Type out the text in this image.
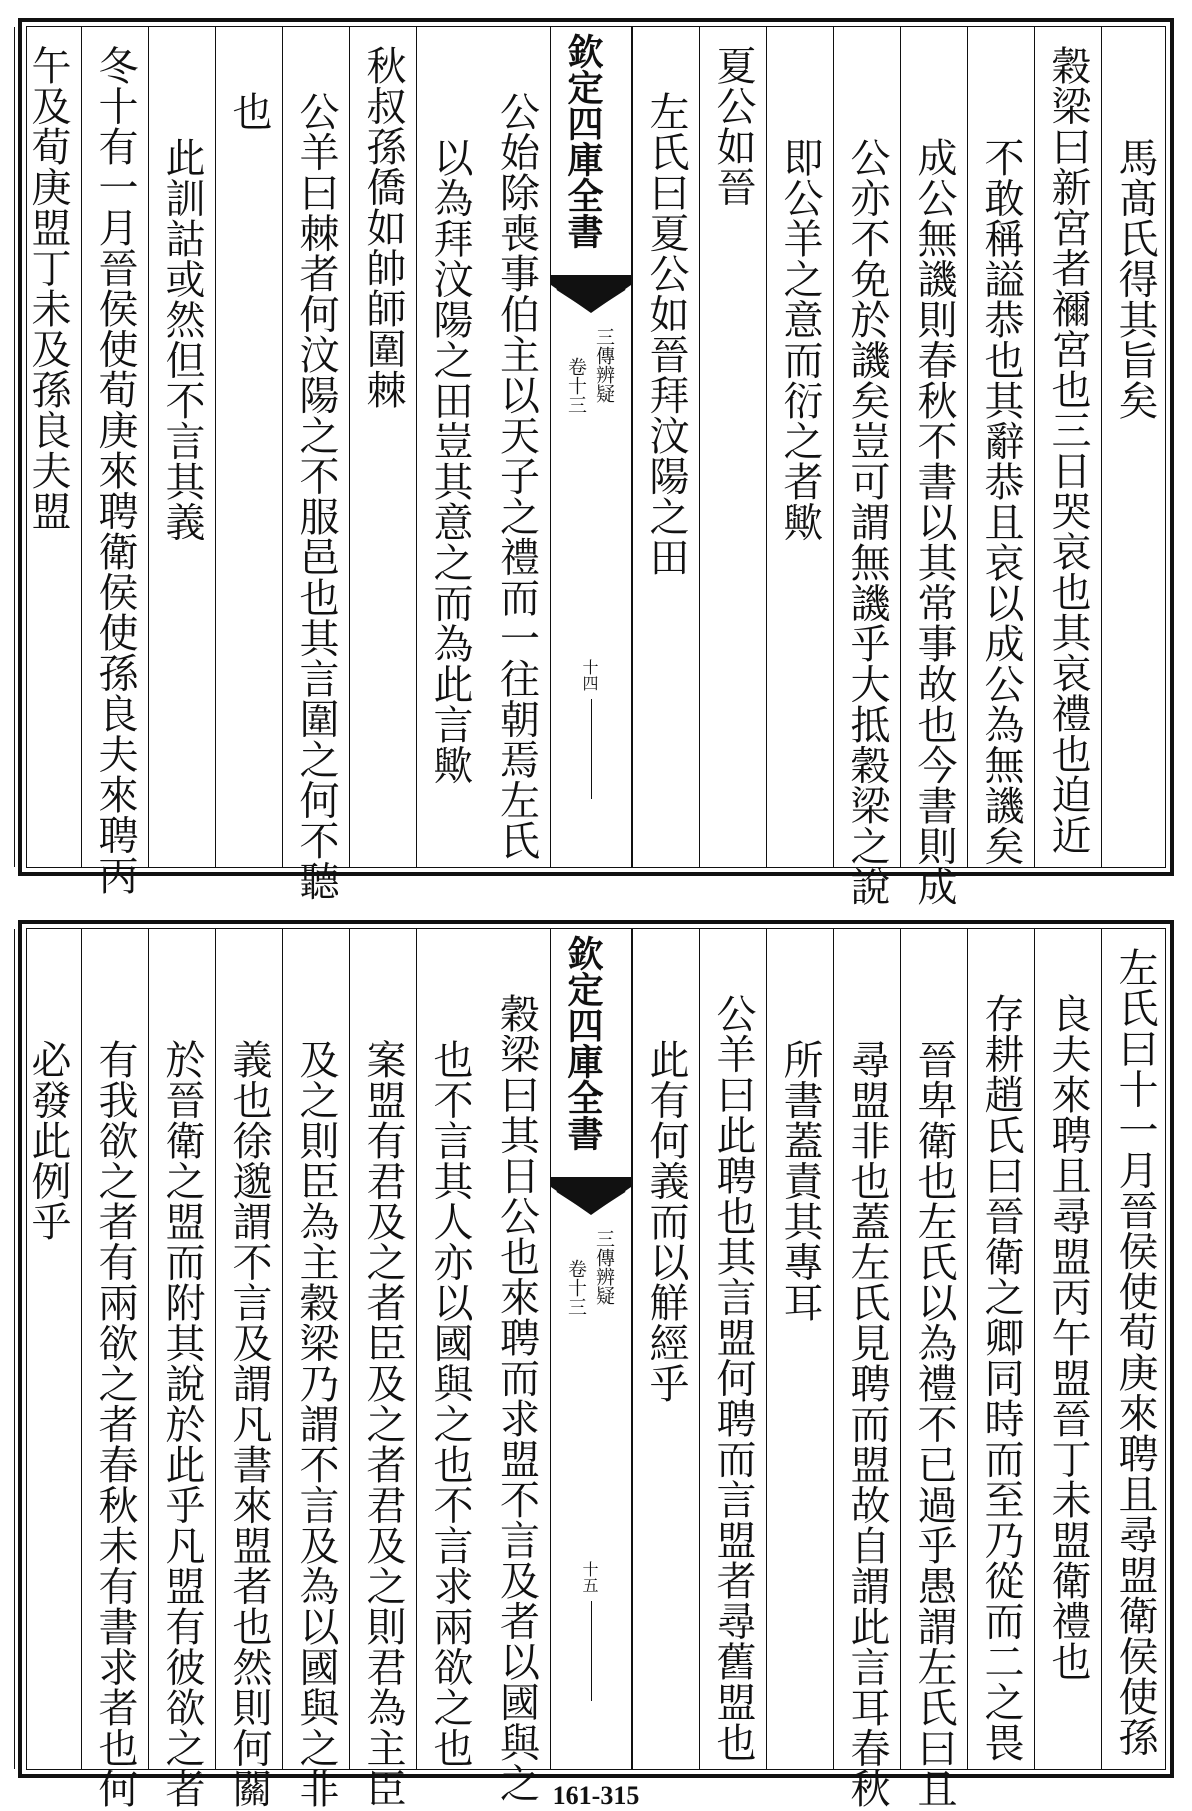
馬髙氏得其旨矣
穀梁曰新宮者禰宮也三日哭哀也其哀禮也迫近
不敢稱謚恭也其辭恭且哀以成公為無譏矣
成公無譏則春秋不書以其常事故也今書則成
公亦不免於譏矣豈可謂無譏乎大抵穀梁之說
即公羊之意而衍之者歟
夏公如晉
左氏曰夏公如晉拜汶陽之田
欽定四庫全書
三傳辨疑
卷十三
十四
公始除喪事伯主以天子之禮而一往朝焉左氏
以為拜汶陽之田豈其意之而為此言歟
秋叔孫僑如帥師圍棘
公羊曰棘者何汶陽之不服邑也其言圍之何不聽
也
此訓詁或然但不言其義
冬十有一月晉侯使荀庚來聘衛侯使孫良夫來聘丙
午及荀庚盟丁未及孫良夫盟
左氏曰十一月晉侯使荀庚來聘且尋盟衛侯使孫
良夫來聘且尋盟丙午盟晉丁未盟衛禮也
存耕趙氏曰晉衛之卿同時而至乃從而二之畏
晉卑衛也左氏以為禮不已過乎愚謂左氏曰且
尋盟非也蓋左氏見聘而盟故自謂此言耳春秋
所書蓋責其專耳
公羊曰此聘也其言盟何聘而言盟者尋舊盟也
此有何義而以觧經乎
欽定四庫全書
三傳辨疑
卷十三
十五
穀梁曰其日公也來聘而求盟不言及者以國與之
也不言其人亦以國與之也不言求兩欲之也
案盟有君及之者臣及之者君及之則君為主臣
及之則臣為主穀梁乃謂不言及為以國與之非
義也徐邈謂不言及謂凡書來盟者也然則何關
於晉衛之盟而附其說於此乎凡盟有彼欲之者
有我欲之者有兩欲之者春秋未有書求者也何
必發此例乎
161-315
